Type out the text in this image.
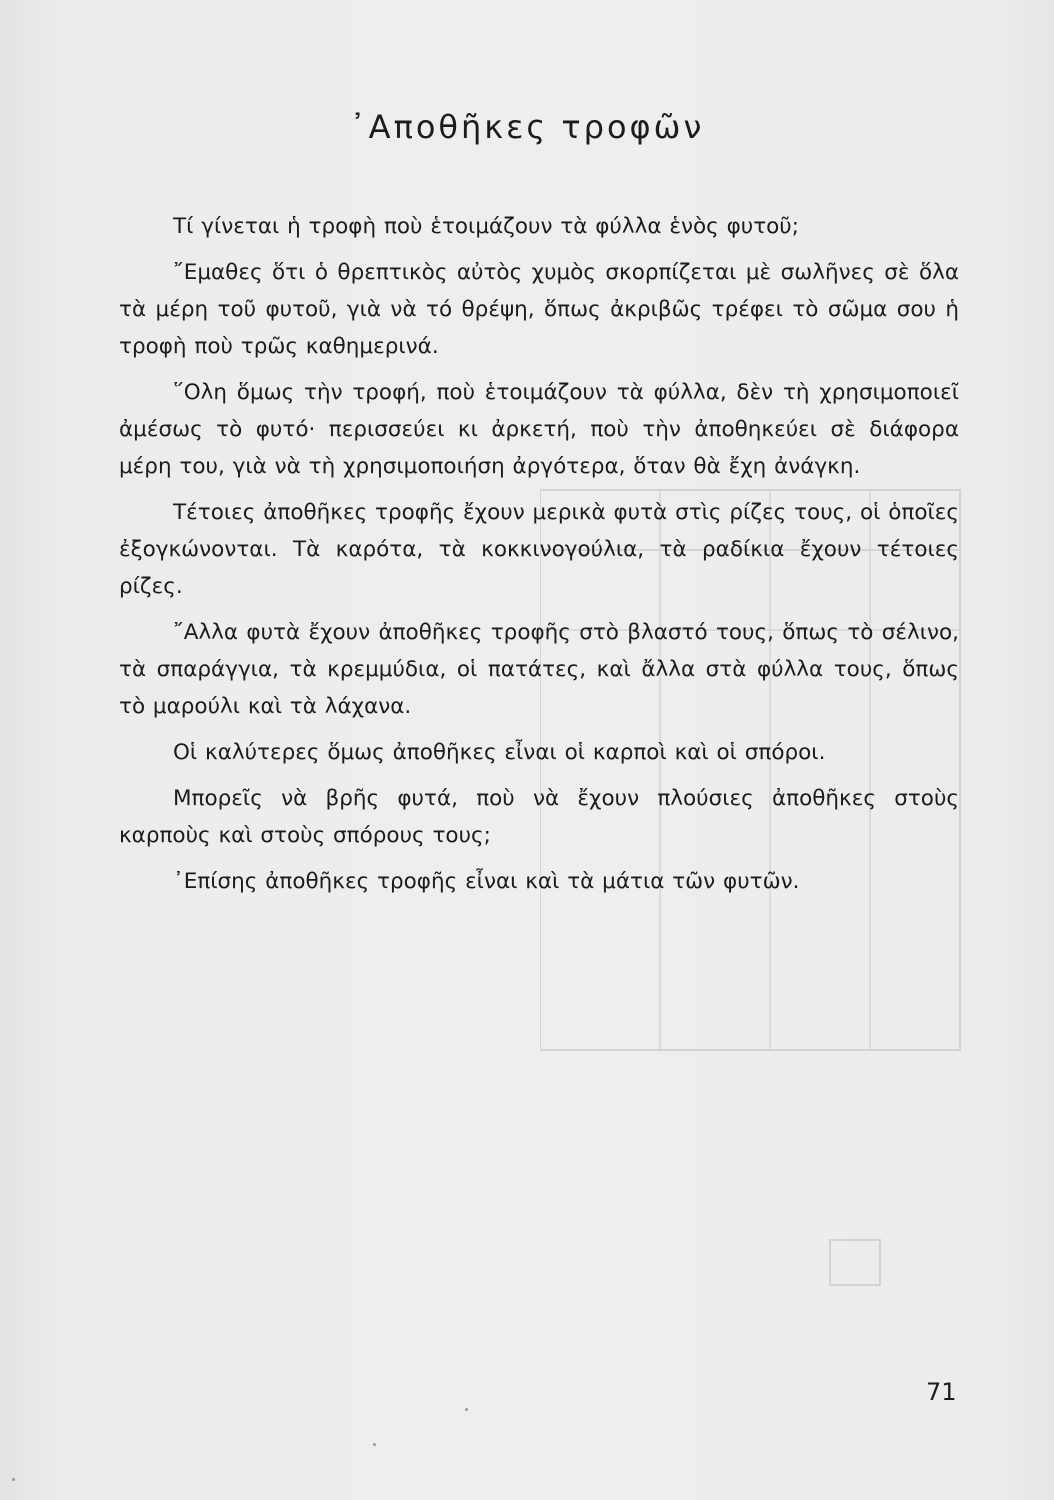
᾿Αποθῆκες τροφῶν

Τί γίνεται ἡ τροφὴ ποὺ ἑτοιμάζουν τὰ φύλλα ἑνὸς φυτοῦ;

῎Εμαθες ὅτι ὁ θρεπτικὸς αὐτὸς χυμὸς σκορπίζεται μὲ σωλῆνες σὲ ὅλα τὰ μέρη τοῦ φυτοῦ, γιὰ νὰ τό θρέψη, ὅπως ἀκριβῶς τρέφει τὸ σῶμα σου ἡ τροφὴ ποὺ τρῶς καθημερινά.

῞Ολη ὅμως τὴν τροφή, ποὺ ἑτοιμάζουν τὰ φύλλα, δὲν τὴ χρησιμοποιεῖ ἀμέσως τὸ φυτό· περισσεύει κι ἀρκετή, ποὺ τὴν ἀποθηκεύει σὲ διάφορα μέρη του, γιὰ νὰ τὴ χρησιμοποιήση ἀργότερα, ὅταν θὰ ἔχη ἀνάγκη.

Τέτοιες ἀποθῆκες τροφῆς ἔχουν μερικὰ φυτὰ στὶς ρίζες τους, οἱ ὁποῖες ἐξογκώνονται. Τὰ καρότα, τὰ κοκκινογούλια, τὰ ραδίκια ἔχουν τέτοιες ρίζες.

῎Αλλα φυτὰ ἔχουν ἀποθῆκες τροφῆς στὸ βλαστό τους, ὅπως τὸ σέλινο, τὰ σπαράγγια, τὰ κρεμμύδια, οἱ πατάτες, καὶ ἄλλα στὰ φύλλα τους, ὅπως τὸ μαρούλι καὶ τὰ λάχανα.

Οἱ καλύτερες ὅμως ἀποθῆκες εἶναι οἱ καρποὶ καὶ οἱ σπόροι.

Μπορεῖς νὰ βρῆς φυτά, ποὺ νὰ ἔχουν πλούσιες ἀποθῆκες στοὺς καρποὺς καὶ στοὺς σπόρους τους;

᾿Επίσης ἀποθῆκες τροφῆς εἶναι καὶ τὰ μάτια τῶν φυτῶν.

71
